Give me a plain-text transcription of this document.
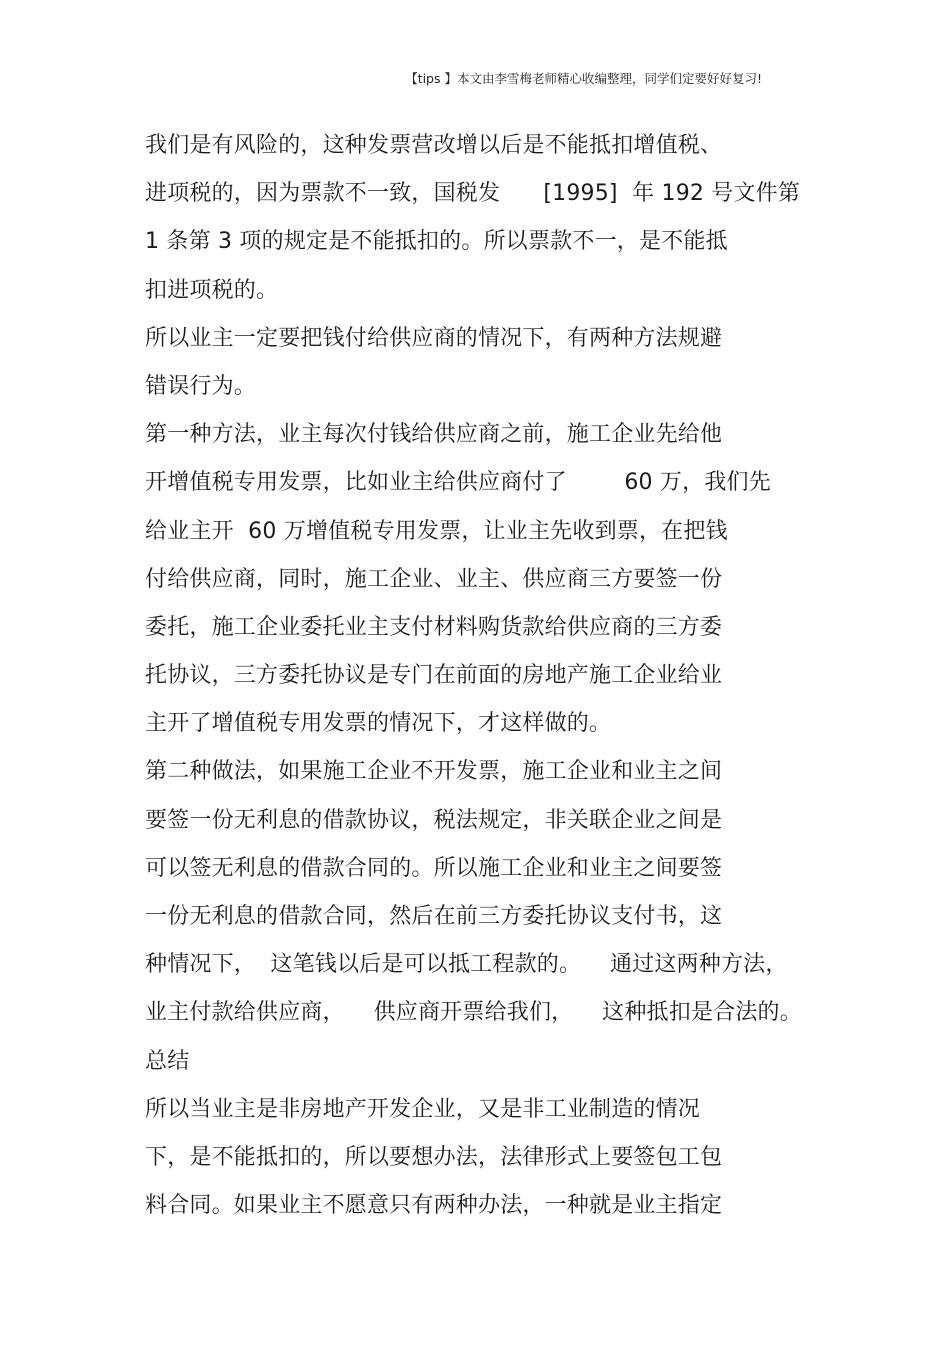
【tips 】本文由李雪梅老师精心收编整理，同学们定要好好复习!
我们是有风险的，这种发票营改增以后是不能抵扣增值税、
进项税的，因为票款不一致，国税发      [1995]  年 192 号文件第
1 条第 3 项的规定是不能抵扣的。所以票款不一，是不能抵
扣进项税的。
所以业主一定要把钱付给供应商的情况下，有两种方法规避
错误行为。
第一种方法，业主每次付钱给供应商之前，施工企业先给他
开增值税专用发票，比如业主给供应商付了        60 万，我们先
给业主开  60 万增值税专用发票，让业主先收到票，在把钱
付给供应商，同时，施工企业、业主、供应商三方要签一份
委托，施工企业委托业主支付材料购货款给供应商的三方委
托协议，三方委托协议是专门在前面的房地产施工企业给业
主开了增值税专用发票的情况下，才这样做的。
第二种做法，如果施工企业不开发票，施工企业和业主之间
要签一份无利息的借款协议，税法规定，非关联企业之间是
可以签无利息的借款合同的。所以施工企业和业主之间要签
一份无利息的借款合同，然后在前三方委托协议支付书，这
种情况下，  这笔钱以后是可以抵工程款的。    通过这两种方法，
业主付款给供应商，    供应商开票给我们，    这种抵扣是合法的。
总结
所以当业主是非房地产开发企业，又是非工业制造的情况
下，是不能抵扣的，所以要想办法，法律形式上要签包工包
料合同。如果业主不愿意只有两种办法，一种就是业主指定
